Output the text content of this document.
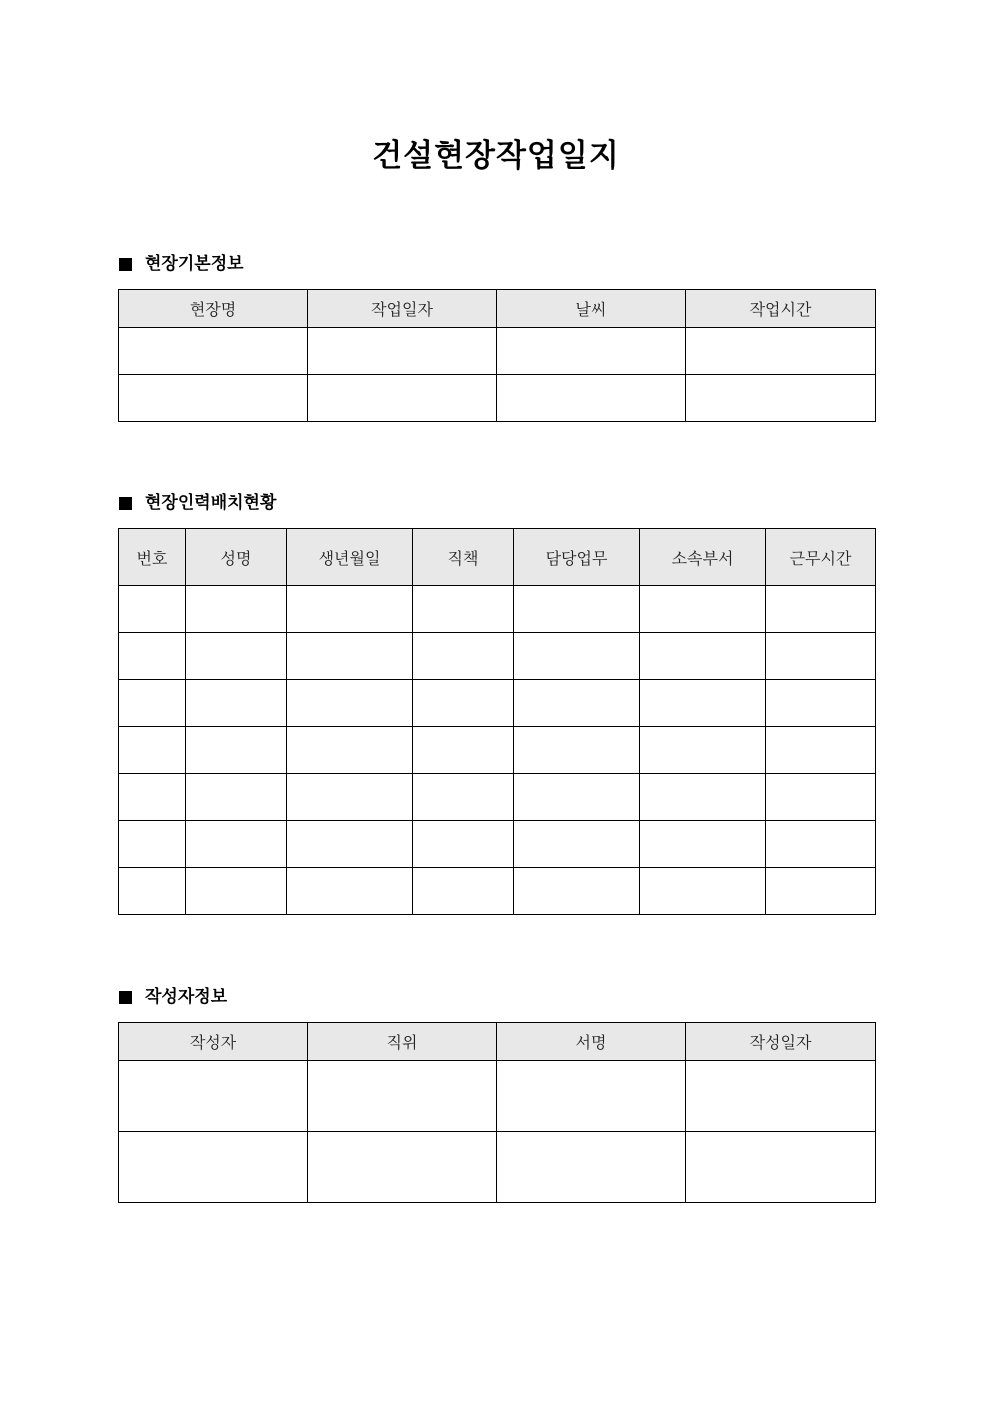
건설현장작업일지
현장기본정보
현장명	작업일자	날씨	작업시간

현장인력배치현황
번호	성명	생년월일	직책	담당업무	소속부서	근무시간

작성자정보
작성자	직위	서명	작성일자
